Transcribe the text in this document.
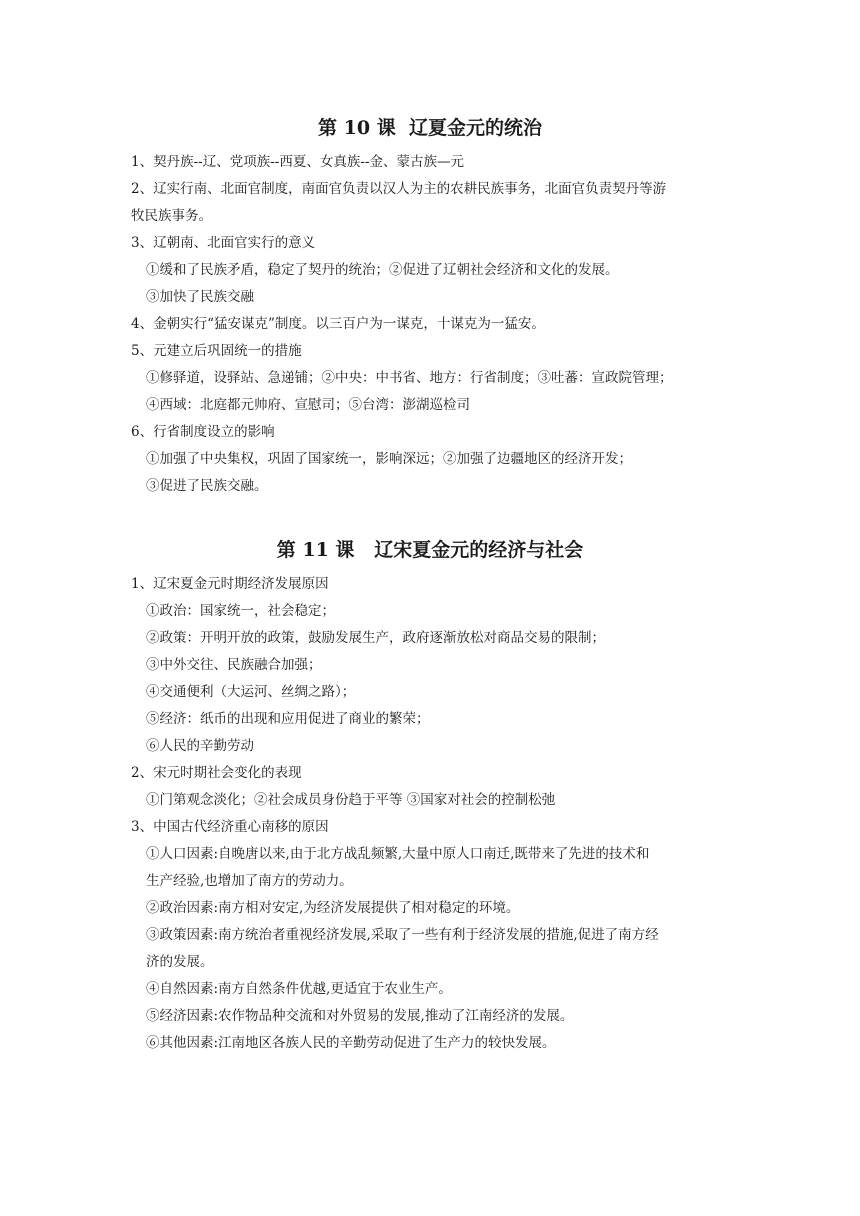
第 10 课  辽夏金元的统治
1、契丹族--辽、党项族--西夏、女真族--金、蒙古族—元
2、辽实行南、北面官制度，南面官负责以汉人为主的农耕民族事务，北面官负责契丹等游
牧民族事务。
3、辽朝南、北面官实行的意义
①缓和了民族矛盾，稳定了契丹的统治；②促进了辽朝社会经济和文化的发展。
③加快了民族交融
4、金朝实行“猛安谋克”制度。以三百户为一谋克，十谋克为一猛安。
5、元建立后巩固统一的措施
①修驿道，设驿站、急递铺；②中央：中书省、地方：行省制度；③吐蕃：宣政院管理；
④西域：北庭都元帅府、宣慰司；⑤台湾：澎湖巡检司
6、行省制度设立的影响
①加强了中央集权，巩固了国家统一，影响深远；②加强了边疆地区的经济开发；
③促进了民族交融。
第 11 课   辽宋夏金元的经济与社会
1、辽宋夏金元时期经济发展原因
①政治：国家统一，社会稳定；
②政策：开明开放的政策，鼓励发展生产，政府逐渐放松对商品交易的限制；
③中外交往、民族融合加强；
④交通便利（大运河、丝绸之路）；
⑤经济：纸币的出现和应用促进了商业的繁荣；
⑥人民的辛勤劳动
2、宋元时期社会变化的表现
①门第观念淡化；②社会成员身份趋于平等 ③国家对社会的控制松弛
3、中国古代经济重心南移的原因
①人口因素:自晚唐以来,由于北方战乱频繁,大量中原人口南迁,既带来了先进的技术和
生产经验,也增加了南方的劳动力。
②政治因素:南方相对安定,为经济发展提供了相对稳定的环境。
③政策因素:南方统治者重视经济发展,采取了一些有利于经济发展的措施,促进了南方经
济的发展。
④自然因素:南方自然条件优越,更适宜于农业生产。
⑤经济因素:农作物品种交流和对外贸易的发展,推动了江南经济的发展。
⑥其他因素:江南地区各族人民的辛勤劳动促进了生产力的较快发展。
